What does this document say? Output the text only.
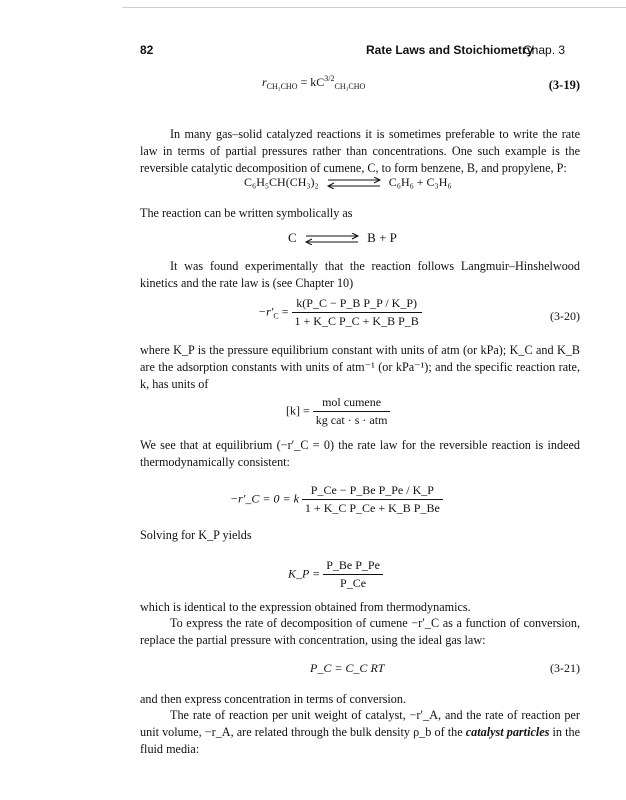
82	Rate Laws and Stoichiometry
Chap. 3
$r_{CH_3CHO} = kC^{3/2}_{CH_3CHO}$	(3-19)
In many gas–solid catalyzed reactions it is sometimes preferable to write the rate law in terms of partial pressures rather than concentrations. One such example is the reversible catalytic decomposition of cumene, C, to form benzene, B, and propylene, P:
C₆H₅CH(CH₃)₂	C₆H₆ + C₃H₆
The reaction can be written symbolically as
C	B + P
It was found experimentally that the reaction follows Langmuir–Hinshelwood kinetics and the rate law is (see Chapter 10)
$-r'_C = \frac{\text{k(P\_C − P\_B P\_P / K\_P)}}{\text{1 + K\_C P\_C + K\_B P\_B}}$	(3-20)
where K_P is the pressure equilibrium constant with units of atm (or kPa); K_C and K_B are the adsorption constants with units of atm⁻¹ (or kPa⁻¹); and the specific reaction rate, k, has units of
$[k] = \frac{\text{mol cumene}}{\text{kg cat · s · atm}}$
We see that at equilibrium (−r′_C = 0) the rate law for the reversible reaction is indeed thermodynamically consistent:
−r′_C = 0 = k $\frac{\text{P\_Ce − P\_Be P\_Pe / K\_P}}{\text{1 + K\_C P\_Ce + K\_B P\_Be}}$
Solving for K_P yields
K_P = $\frac{\text{P\_Be P\_Pe}}{P\_Ce}$
which is identical to the expression obtained from thermodynamics.
To express the rate of decomposition of cumene −r′_C as a function of conversion, replace the partial pressure with concentration, using the ideal gas law:
P_C = C_C RT	(3-21)
and then express concentration in terms of conversion.
The rate of reaction per unit weight of catalyst, −r′_A, and the rate of reaction per unit volume, −r_A, are related through the bulk density ρ_b of the catalyst particles in the fluid media:
